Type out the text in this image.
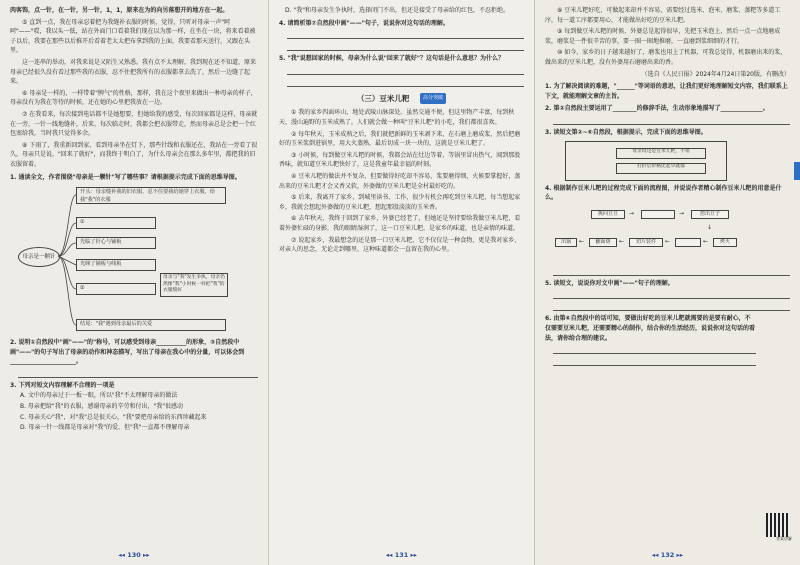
肉客饰，点一针，在一针，另一针，1，1，原来在为的向另落想开的地方在一起。
⑤ 直到一点，我在母亲忍着把为我缝补衣服的时候，觉得，只听对母亲一声"呵呵"——"哎，我以头一低，站在外面门口看着我们现在以为那一样，在坐在一块，将来看着被子以后，我要在那些以后推开后看着老太太把布拿到我的上面，我要看那天送行，又跟在头里。
这一连串的举动，对我来说是又陌生又熟悉。我有点不太理解，我到现在还不知道，原来母亲已经很久没有看过那些我的衣服，忍不住把我所有的衣服都拿去洗了，然后一边缝了起来。
⑥ 母亲是一样的，一样带着"脾气"的性格，那样，我在这个夜里来做出一种母亲的样子，母亲没有为我在等待的时候，还在她的心里把我放在一边。
⑦ 在我看来，每次接到电话都不是她想要，但她给我的感受，每次回家都是这样，母亲就在一旁，一针一线地缝补，后来，每次临走时，我都会把衣服带走，然而母亲总是会把一个红包塞给我，当时我只觉得多余。
⑧ 下雨了，我重新回到家，看到母亲坐在灯下，那些针线和衣服还在，我站在一旁看了很久，母亲只是说，"回来了就好"，而我终于明白了，为什么母亲会在那么多年里，都把我的旧衣服留着。
1. 通读全文，作者围绕"母亲是一颗针"写了哪些事？请根据提示完成下面的思维导图。
母亲是一颗针
开头：母亲缝补我的旧衣服，忍不住要我给她穿上衣服，给我"我"的衣服
①
光临了针心与铺板
光顾了铺板与线板
②
母亲与"我"发生争执，母亲仍然像"我"小时候一样把"我"的衣服缝好
结尾："我"遇到母亲最后的关爱
2. 说明①自然段中"画"——"的"称号，可以感受到母亲__________的形象，③自然段中画"——"的句子写出了母亲的动作和神态描写，写出了母亲在我心中的分量，可以体会到______________________。
3. 下列对短文内容理解不合理的一项是
A. 文中的母亲过于一板一眼，所以"我"不太理解母亲的做法
B. 母亲把给"我"的衣服，感谢母亲的辛劳和付出，"我"很感动
C. 母亲关心"我"，对"我"总是很关心，"我"要把母亲给的东西珍藏起来
D. 母亲一针一线都是母亲对"我"的爱，但"我"一直都不理解母亲
◂◂ 130 ▸▸
D. "我"和母亲发生争执时，选择闭门不出，但还是接受了母亲给的红包，不忍拒绝。
4. 请简析第⑦自然段中画"——"句子，说说你对这句话的理解。
5. "我"说想回家的时候，母亲为什么说"回来了就好"？这句话是什么意思？为什么？
（三）豆米儿粑	高分突破
① 我的家乡四面环山，地处武陵山脉深处。虽然交通不便，但这里物产丰富，每到秋天，漫山遍野的玉米成熟了，人们就会做一种叫"豆米儿粑"的小吃，我们都很喜欢。
② 每年秋天，玉米成熟之后，我们就把新鲜的玉米剥下来，在石磨上磨成浆，然后把磨好的玉米浆倒进锅里，用大火蒸熟，最后切成一块一块的，这就是豆米儿粑了。
③ 小时候，每到做豆米儿粑的时候，我都会站在灶边等着，等锅里冒出热气，闻到那股香味，就知道豆米儿粑快好了，这是我童年最幸福的时刻。
④ 豆米儿粑的做法并不复杂，但要做得好吃却不容易，浆要磨得细，火候要掌握好，蒸出来的豆米儿粑才会又香又软，外婆做的豆米儿粑是全村最好吃的。
⑤ 后来，我离开了家乡，到城里读书、工作，很少有机会再吃到豆米儿粑，每当想起家乡，我就会想起外婆做的豆米儿粑，想起那股淡淡的玉米香。
⑥ 去年秋天，我终于回到了家乡，外婆已经老了，但她还是坚持要给我做豆米儿粑，看着外婆忙碌的身影，我的眼睛湿润了，这一口豆米儿粑，是家乡的味道，也是亲情的味道。
⑦ 说起家乡，我最想念的还是那一口豆米儿粑，它不仅仅是一种食物，更是我对家乡、对亲人的思念，无论走到哪里，这种味道都会一直留在我的心里。
◂◂ 131 ▸▸
⑧ 豆米儿粑好吃，可做起来却并不容易，需要经过选米、泡米、磨浆、蒸粑等多道工序，每一道工序都要用心，才能做出好吃的豆米儿粑。
⑨ 每到做豆米儿粑的时候，外婆总是起得很早，先把玉米泡上，然后一点一点地磨成浆，磨浆是一件很辛苦的事，要一圈一圈地推磨，一直磨到浆细细的才行。
⑩ 如今，家乡的日子越来越好了，磨浆也用上了机器，可我总觉得，机器磨出来的浆，做出来的豆米儿粑，没有外婆用石磨磨出来的香。
（选自《人民日报》2024年4月24日第20版，有删改）
1. 为了解决阅读的难题，"______"等词语的意思，让我们更好地理解短文内容，我们联系上下文，就能理解文章的主旨。
2. 第②自然段主要运用了________的修辞手法，生动形象地描写了______________。
3. 读短文第②~⑥自然段，根据提示，完成下面的思维导图。
母亲说这是豆米儿粑，不错
打折后价格比起早就都
4. 根据制作豆米儿粑的过程完成下面的流程图，并说说作者精心制作豆米儿粑的用意是什么。
挑回豆豆	→	→	捞出豆子
↓
出锅	←	翻面烙	←	切片装件	←	←	烤火
5. 读短文，说说你对文中画"——"句子的理解。
6. 由第⑥自然段中的话可知，要做出好吃的豆米儿粑就需要的是要有耐心，不仅需要豆米儿粑，还需要精心的制作，结合你的生活经历，说说你对这句话的看法，请你给合理的建议。
答案讲解
◂◂ 132 ▸▸
